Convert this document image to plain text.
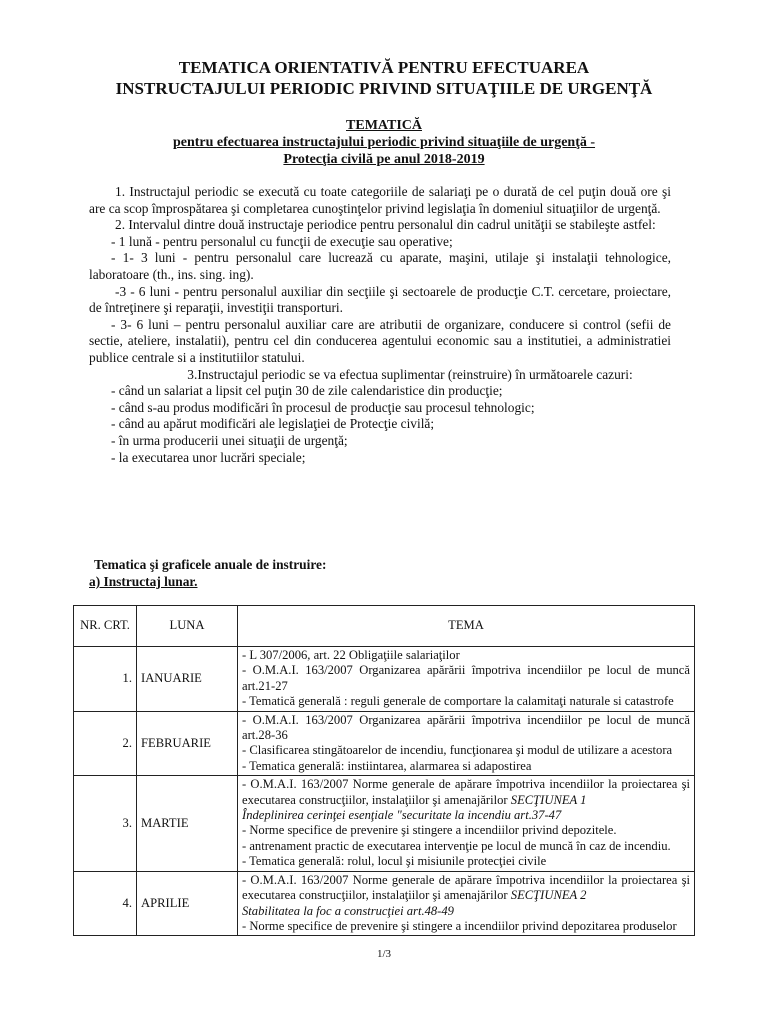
TEMATICA ORIENTATIVĂ PENTRU EFECTUAREA
INSTRUCTAJULUI PERIODIC PRIVIND SITUAŢIILE DE URGENŢĂ
TEMATICĂ
pentru efectuarea instructajului periodic privind situaţiile de urgenţă -
Protecţia civilă pe anul 2018-2019

1. Instructajul periodic se execută cu toate categoriile de salariaţi pe o durată de cel puţin două ore şi are ca scop împrospătarea şi completarea cunoştinţelor privind legislaţia în domeniul situaţiilor de urgenţă.

2. Intervalul dintre două instructaje periodice pentru personalul din cadrul unităţii se stabileşte astfel:

- 1 lună - pentru personalul cu funcţii de execuţie sau operative;

- 1- 3 luni - pentru personalul care lucrează cu aparate, maşini, utilaje şi instalaţii tehnologice, laboratoare (th., ins. sing. ing).

-3 - 6 luni - pentru personalul auxiliar din secţiile şi sectoarele de producţie C.T. cercetare, proiectare, de întreţinere şi reparaţii, investiţii transporturi.

- 3- 6 luni – pentru personalul auxiliar care are atributii de organizare, conducere si control (sefii de sectie, ateliere, instalatii), pentru cel din conducerea agentului economic sau a institutiei, a administratiei publice centrale si a institutiilor statului.

3.Instructajul periodic se va efectua suplimentar (reinstruire) în următoarele cazuri:

- când un salariat a lipsit cel puţin 30 de zile calendaristice din producţie;

- când s-au produs modificări în procesul de producţie sau procesul tehnologic;

- când au apărut modificări ale legislaţiei de Protecţie civilă;

- în urma producerii unei situaţii de urgenţă;

- la executarea unor lucrări speciale;

Tematica şi graficele anuale de instruire:
a) Instructaj lunar.
NR. CRT.	LUNA	TEMA
1.	IANUARIE	- L 307/2006, art. 22 Obligaţiile salariaţilor
- O.M.A.I. 163/2007 Organizarea apărării împotriva incendiilor pe locul de muncă art.21-27
- Tematică generală : reguli generale de comportare la calamitaţi naturale si catastrofe

2.	FEBRUARIE	- O.M.A.I. 163/2007 Organizarea apărării împotriva incendiilor pe locul de muncă art.28-36
- Clasificarea stingătoarelor de incendiu, funcţionarea şi modul de utilizare a acestora
- Tematica generală: instiintarea, alarmarea si adapostirea

3.	MARTIE	- O.M.A.I. 163/2007 Norme generale de apărare împotriva incendiilor la proiectarea şi executarea construcţiilor, instalaţiilor şi amenajărilor SECŢIUNEA 1
Îndeplinirea cerinţei esenţiale "securitate la incendiu art.37-47
- Norme specifice de prevenire şi stingere a incendiilor privind depozitele.
- antrenament practic de executarea intervenţie pe locul de muncă în caz de incendiu.
- Tematica generală: rolul, locul şi misiunile protecţiei civile

4.	APRILIE	- O.M.A.I. 163/2007 Norme generale de apărare împotriva incendiilor la proiectarea şi executarea construcţiilor, instalaţiilor şi amenajărilor SECŢIUNEA 2
Stabilitatea la foc a construcţiei art.48-49
- Norme specifice de prevenire şi stingere a incendiilor privind depozitarea produselor
1/3
